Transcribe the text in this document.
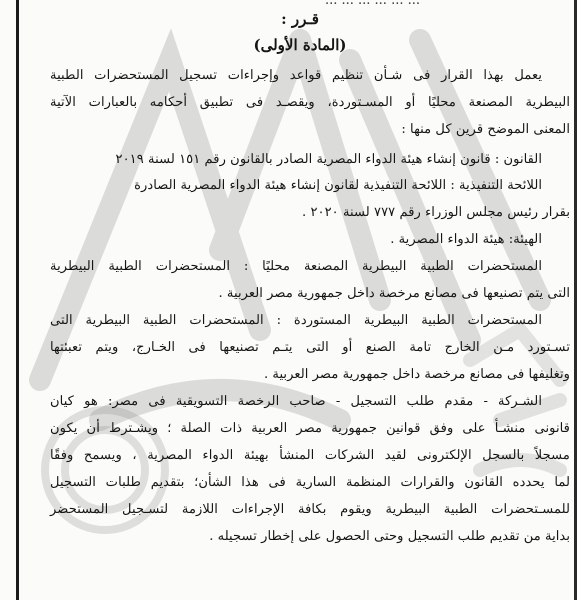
... ... ... ... ... ...
قـرر :
(المادة الأولى)
يعمل بهذا القرار فى شـأن تنظيم قواعد وإجراءات تسجيل المستحضرات الطبية
البيطرية المصنعة محليًا أو المسـتوردة، ويقصـد فى تطبيق أحكامه بالعبارات الآتية
المعنى الموضح قرين كل منها :
القانون : قانون إنشاء هيئة الدواء المصرية الصادر بالقانون رقم ١٥١ لسنة ٢٠١٩
اللائحة التنفيذية : اللائحة التنفيذية لقانون إنشاء هيئة الدواء المصرية الصادرة
بقرار رئيس مجلس الوزراء رقم ٧٧٧ لسنة ٢٠٢٠ .
الهيئة: هيئة الدواء المصرية .
المستحضرات الطبية البيطرية المصنعة محليًا : المستحضرات الطبية البيطرية
التى يتم تصنيعها فى مصانع مرخصة داخل جمهورية مصر العربية .
المستحضرات الطبية البيطرية المستوردة : المستحضرات الطبية البيطرية التى
تسـتورد مـن الخارج تامة الصنع أو التى يتـم تصنيعها فى الخـارج، ويتم تعبئتها
وتغليفها فى مصانع مرخصة داخل جمهورية مصر العربية .
الشـركة - مقدم طلب التسجيل - صاحب الرخصة التسويقية فى مصر: هو كيان
قانونى منشـأ على وفق قوانين جمهورية مصر العربية ذات الصلة ؛ ويشـترط أن يكون
مسجلاً بالسجل الإلكترونى لقيد الشركات المنشأ بهيئة الدواء المصرية ، ويسمح وفقًا
لما يحدده القانون والقرارات المنظمة السارية فى هذا الشأن؛ بتقديم طلبات التسجيل
للمسـتحضرات الطبية البيطرية ويقوم بكافة الإجراءات اللازمة لتسـجيل المستحضر
بداية من تقديم طلب التسجيل وحتى الحصول على إخطار تسجيله .
